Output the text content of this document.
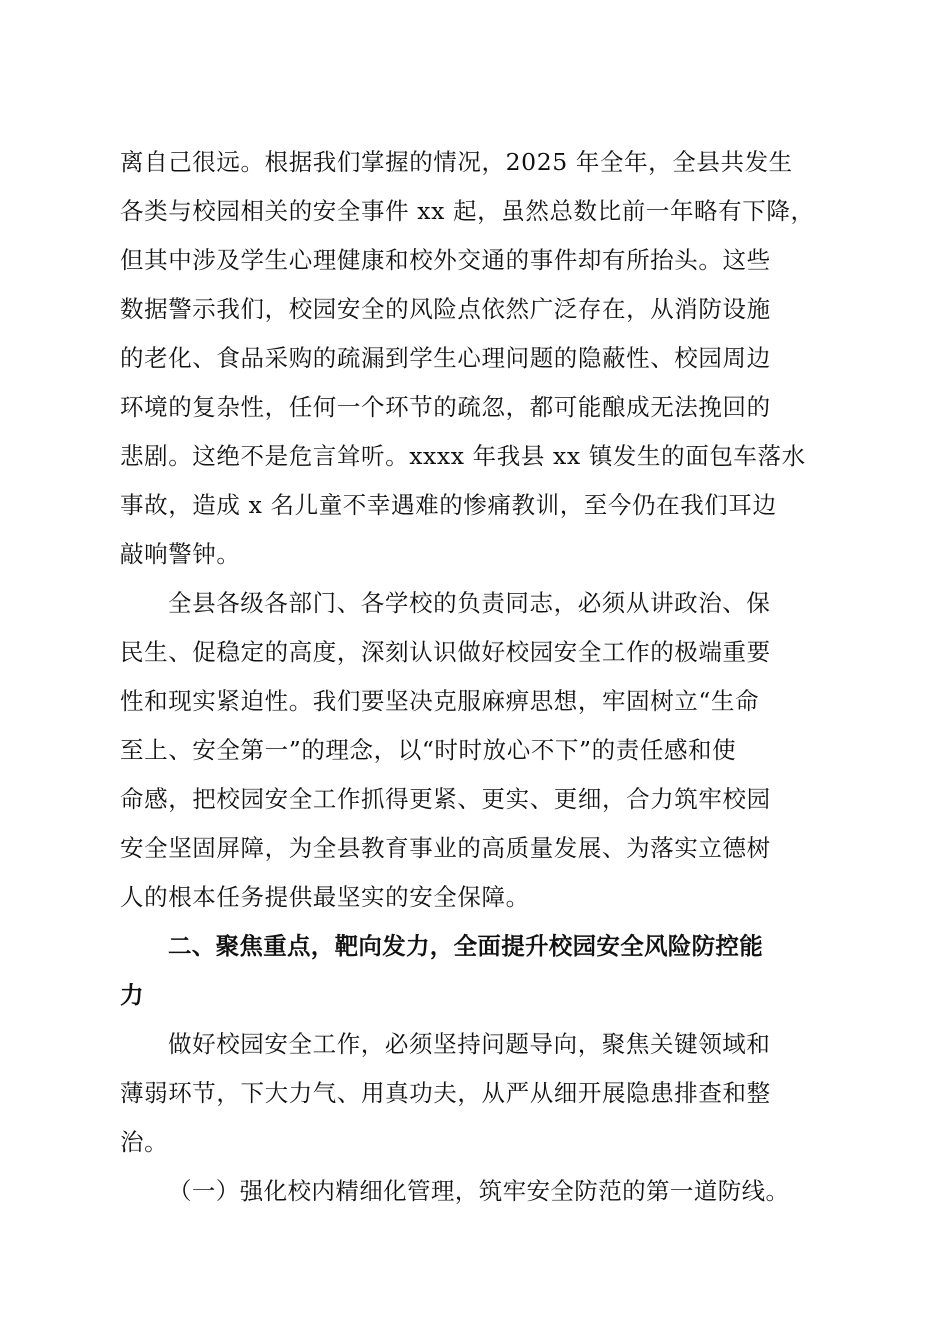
离自己很远。根据我们掌握的情况，2025 年全年，全县共发生
各类与校园相关的安全事件 xx 起，虽然总数比前一年略有下降，
但其中涉及学生心理健康和校外交通的事件却有所抬头。这些
数据警示我们，校园安全的风险点依然广泛存在，从消防设施
的老化、食品采购的疏漏到学生心理问题的隐蔽性、校园周边
环境的复杂性，任何一个环节的疏忽，都可能酿成无法挽回的
悲剧。这绝不是危言耸听。xxxx 年我县 xx 镇发生的面包车落水
事故，造成 x 名儿童不幸遇难的惨痛教训，至今仍在我们耳边
敲响警钟。
全县各级各部门、各学校的负责同志，必须从讲政治、保
民生、促稳定的高度，深刻认识做好校园安全工作的极端重要
性和现实紧迫性。我们要坚决克服麻痹思想，牢固树立“生命
至上、安全第一”的理念，以“时时放心不下”的责任感和使
命感，把校园安全工作抓得更紧、更实、更细，合力筑牢校园
安全坚固屏障，为全县教育事业的高质量发展、为落实立德树
人的根本任务提供最坚实的安全保障。
二、聚焦重点，靶向发力，全面提升校园安全风险防控能
力
做好校园安全工作，必须坚持问题导向，聚焦关键领域和
薄弱环节，下大力气、用真功夫，从严从细开展隐患排查和整
治。
（一）强化校内精细化管理，筑牢安全防范的第一道防线。
